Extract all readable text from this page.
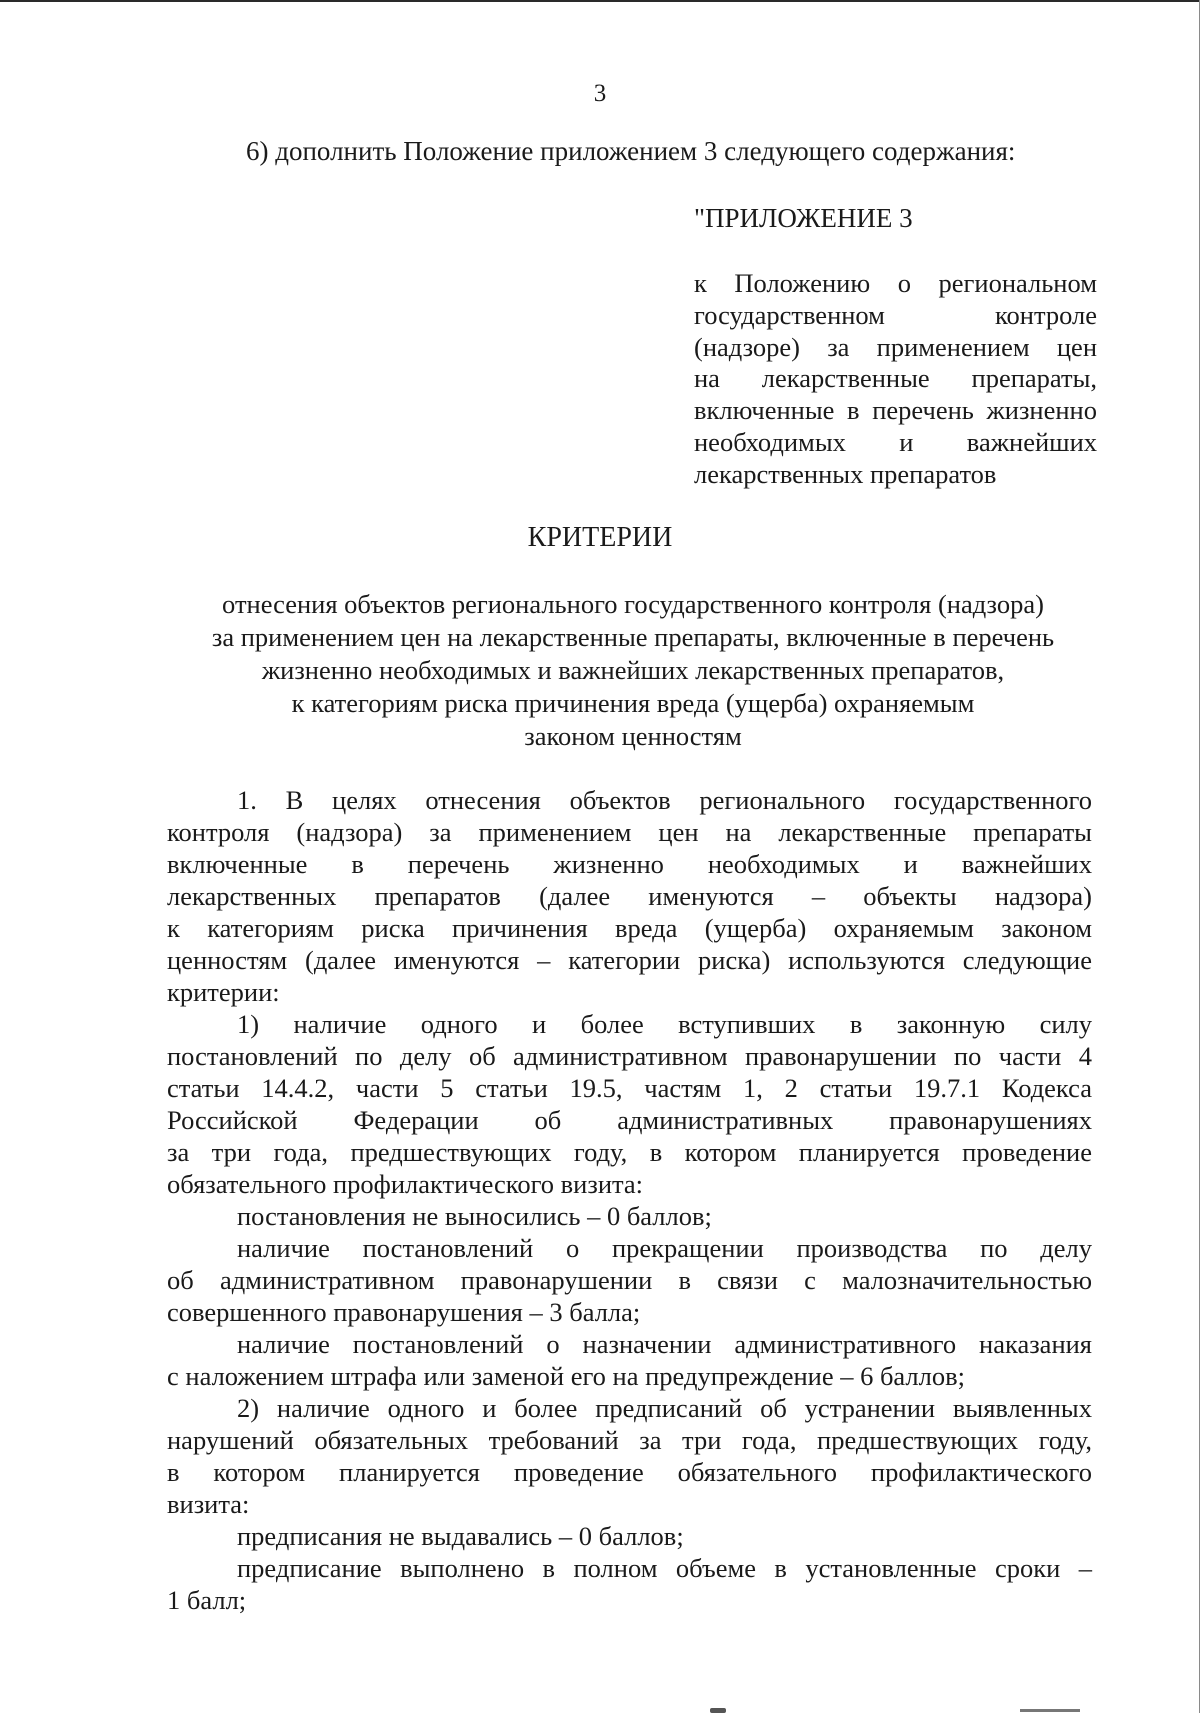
3
6) дополнить Положение приложением 3 следующего содержания:
"ПРИЛОЖЕНИЕ 3
к Положению о региональном
государственном контроле
(надзоре) за применением цен
на лекарственные препараты,
включенные в перечень жизненно
необходимых и важнейших
лекарственных препаратов
КРИТЕРИИ
отнесения объектов регионального государственного контроля (надзора)
за применением цен на лекарственные препараты, включенные в перечень
жизненно необходимых и важнейших лекарственных препаратов,
к категориям риска причинения вреда (ущерба) охраняемым
законом ценностям
1. В целях отнесения объектов регионального государственного
контроля (надзора) за применением цен на лекарственные препараты
включенные в перечень жизненно необходимых и важнейших
лекарственных препаратов (далее именуются – объекты надзора)
к категориям риска причинения вреда (ущерба) охраняемым законом
ценностям (далее именуются – категории риска) используются следующие
критерии:
1) наличие одного и более вступивших в законную силу
постановлений по делу об административном правонарушении по части 4
статьи 14.4.2, части 5 статьи 19.5, частям 1, 2 статьи 19.7.1 Кодекса
Российской Федерации об административных правонарушениях
за три года, предшествующих году, в котором планируется проведение
обязательного профилактического визита:
постановления не выносились – 0 баллов;
наличие постановлений о прекращении производства по делу
об административном правонарушении в связи с малозначительностью
совершенного правонарушения – 3 балла;
наличие постановлений о назначении административного наказания
с наложением штрафа или заменой его на предупреждение – 6 баллов;
2) наличие одного и более предписаний об устранении выявленных
нарушений обязательных требований за три года, предшествующих году,
в котором планируется проведение обязательного профилактического
визита:
предписания не выдавались – 0 баллов;
предписание выполнено в полном объеме в установленные сроки –
1 балл;
